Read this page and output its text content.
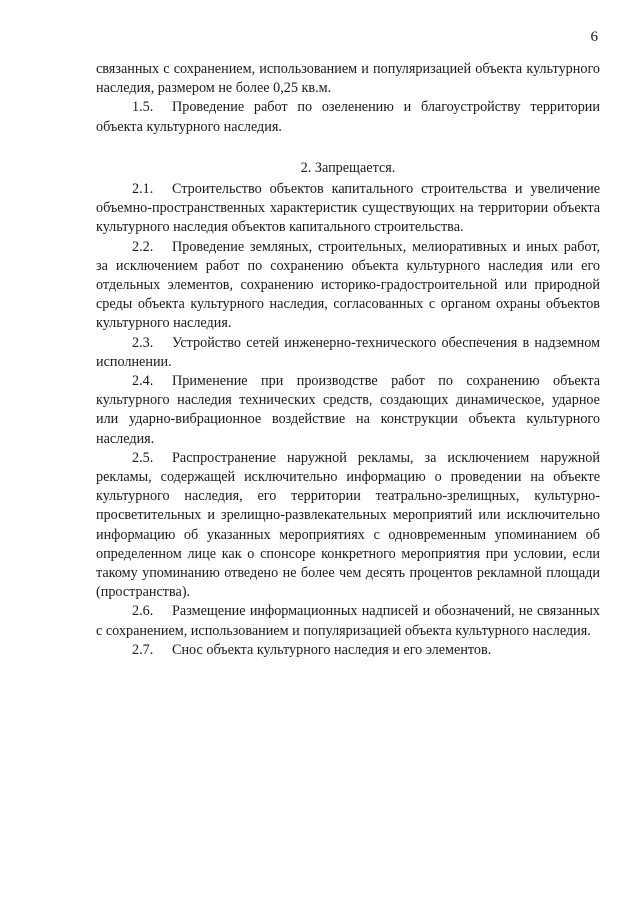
6

связанных с сохранением, использованием и популяризацией объекта культурного наследия, размером не более 0,25 кв.м.

1.5. Проведение работ по озеленению и благоустройству территории объекта культурного наследия.

2. Запрещается.

2.1. Строительство объектов капитального строительства и увеличение объемно-пространственных характеристик существующих на территории объекта культурного наследия объектов капитального строительства.

2.2. Проведение земляных, строительных, мелиоративных и иных работ, за исключением работ по сохранению объекта культурного наследия или его отдельных элементов, сохранению историко-градостроительной или природной среды объекта культурного наследия, согласованных с органом охраны объектов культурного наследия.

2.3. Устройство сетей инженерно-технического обеспечения в надземном исполнении.

2.4. Применение при производстве работ по сохранению объекта культурного наследия технических средств, создающих динамическое, ударное или ударно-вибрационное воздействие на конструкции объекта культурного наследия.

2.5. Распространение наружной рекламы, за исключением наружной рекламы, содержащей исключительно информацию о проведении на объекте культурного наследия, его территории театрально-зрелищных, культурно-просветительных и зрелищно-развлекательных мероприятий или исключительно информацию об указанных мероприятиях с одновременным упоминанием об определенном лице как о спонсоре конкретного мероприятия при условии, если такому упоминанию отведено не более чем десять процентов рекламной площади (пространства).

2.6. Размещение информационных надписей и обозначений, не связанных с сохранением, использованием и популяризацией объекта культурного наследия.

2.7. Снос объекта культурного наследия и его элементов.
